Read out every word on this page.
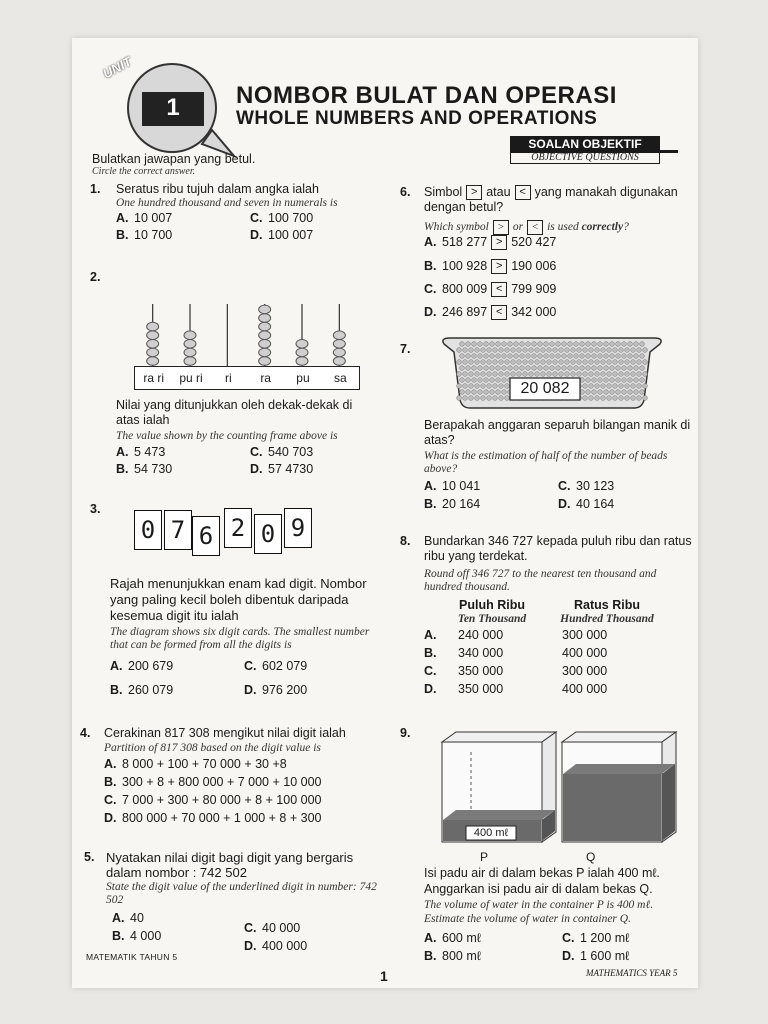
UNIT
1	NOMBOR BULAT DAN OPERASI
WHOLE NUMBERS AND OPERATIONS
SOALAN OBJEKTIF
OBJECTIVE QUESTIONS
Bulatkan jawapan yang betul.
Circle the correct answer.
1. Seratus ribu tujuh dalam angka ialah
One hundred thousand and seven in numerals is
A. 10 007
B. 10 700
C. 100 700
D. 100 007
2.
ra ri	pu ri	ri	ra	pu	sa
Nilai yang ditunjukkan oleh dekak-dekak di atas ialah
The value shown by the counting frame above is
A. 5 473
B. 54 730
C. 540 703
D. 57 4730
3.
0 7 6 2 0 9
Rajah menunjukkan enam kad digit. Nombor yang paling kecil boleh dibentuk daripada kesemua digit itu ialah
The diagram shows six digit cards. The smallest number that can be formed from all the digits is
A. 200 679
B. 260 079
C. 602 079
D. 976 200
4. Cerakinan 817 308 mengikut nilai digit ialah
Partition of 817 308 based on the digit value is
A. 8 000 + 100 + 70 000 + 30 +8
B. 300 + 8 + 800 000 + 7 000 + 10 000
C. 7 000 + 300 + 80 000 + 8 + 100 000
D. 800 000 + 70 000 + 1 000 + 8 + 300
5. Nyatakan nilai digit bagi digit yang bergaris dalam nombor : 742 502
State the digit value of the underlined digit in number: 742 502
A. 40
B. 4 000
C. 40 000
D. 400 000
6. Simbol > atau < yang manakah digunakan dengan betul?
Which symbol > or < is used correctly?
A. 518 277 > 520 427
B. 100 928 > 190 006
C. 800 009 < 799 909
D. 246 897 < 342 000
7.
20 082
Berapakah anggaran separuh bilangan manik di atas?
What is the estimation of half of the number of beads above?
A. 10 041
B. 20 164
C. 30 123
D. 40 164
8. Bundarkan 346 727 kepada puluh ribu dan ratus ribu yang terdekat.
Round off 346 727 to the nearest ten thousand and hundred thousand.
Puluh Ribu
Ten Thousand
Ratus Ribu
Hundred Thousand
A. 240 000	300 000
B. 340 000	400 000
C. 350 000	300 000
D. 350 000	400 000
9.
400 mℓ
P	Q
Isi padu air di dalam bekas P ialah 400 mℓ.
Anggarkan isi padu air di dalam bekas Q.
The volume of water in the container P is 400 mℓ.
Estimate the volume of water in container Q.
A. 600 mℓ
B. 800 mℓ
C. 1 200 mℓ
D. 1 600 mℓ
MATEMATIK TAHUN 5
1	MATHEMATICS YEAR 5
